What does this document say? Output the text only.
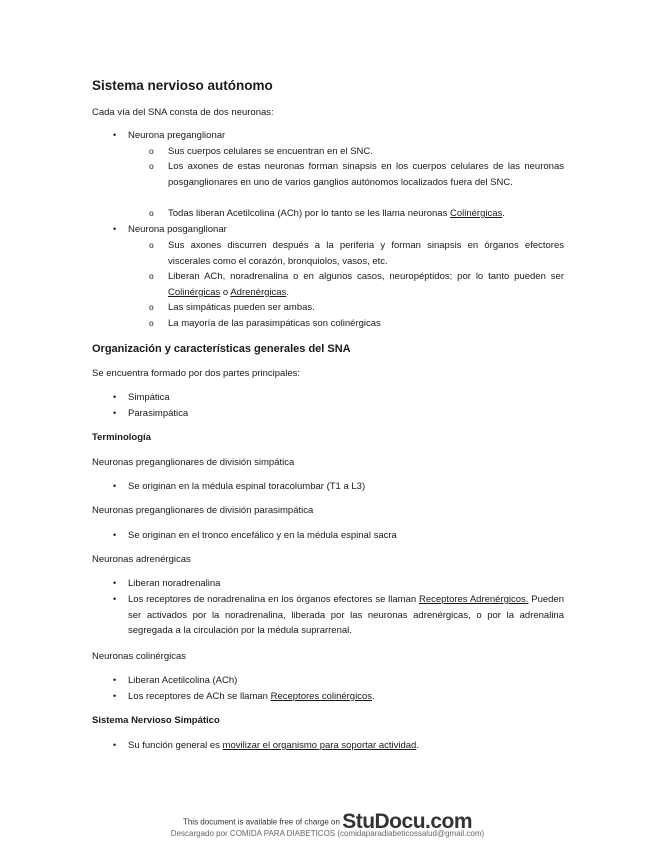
Sistema nervioso autónomo
Cada vía del SNA consta de dos neuronas:
• Neurona preganglionar
o Sus cuerpos celulares se encuentran en el SNC.
o Los axones de estas neuronas forman sinapsis en los cuerpos celulares de las neuronas posganglionares en uno de varios ganglios autónomos localizados fuera del SNC.
o Todas liberan Acetilcolina (ACh) por lo tanto se les llama neuronas Colinérgicas.
• Neurona posganglionar
o Sus axones discurren después a la periferia y forman sinapsis en órganos efectores viscerales como el corazón, bronquiolos, vasos, etc.
o Liberan ACh, noradrenalina o en algunos casos, neuropéptidos; por lo tanto pueden ser Colinérgicas o Adrenérgicas.
o Las simpáticas pueden ser ambas.
o La mayoría de las parasimpáticas son colinérgicas
Organización y características generales del SNA
Se encuentra formado por dos partes principales:
• Simpática
• Parasimpática
Terminología
Neuronas preganglionares de división simpática
• Se originan en la médula espinal toracolumbar (T1 a L3)
Neuronas preganglionares de división parasimpática
• Se originan en el tronco encefálico y en la médula espinal sacra
Neuronas adrenérgicas
• Liberan noradrenalina
• Los receptores de noradrenalina en los órganos efectores se llaman Receptores Adrenérgicos. Pueden ser activados por la noradrenalina, liberada por las neuronas adrenérgicas, o por la adrenalina segregada a la circulación por la médula suprarrenal.
Neuronas colinérgicas
• Liberan Acetilcolina (ACh)
• Los receptores de ACh se llaman Receptores colinérgicos.
Sistema Nervioso Simpático
• Su función general es movilizar el organismo para soportar actividad.
This document is available free of charge on StuDocu.com
Descargado por COMIDA PARA DIABETICOS (comidaparadiabeticossalud@gmail.com)
